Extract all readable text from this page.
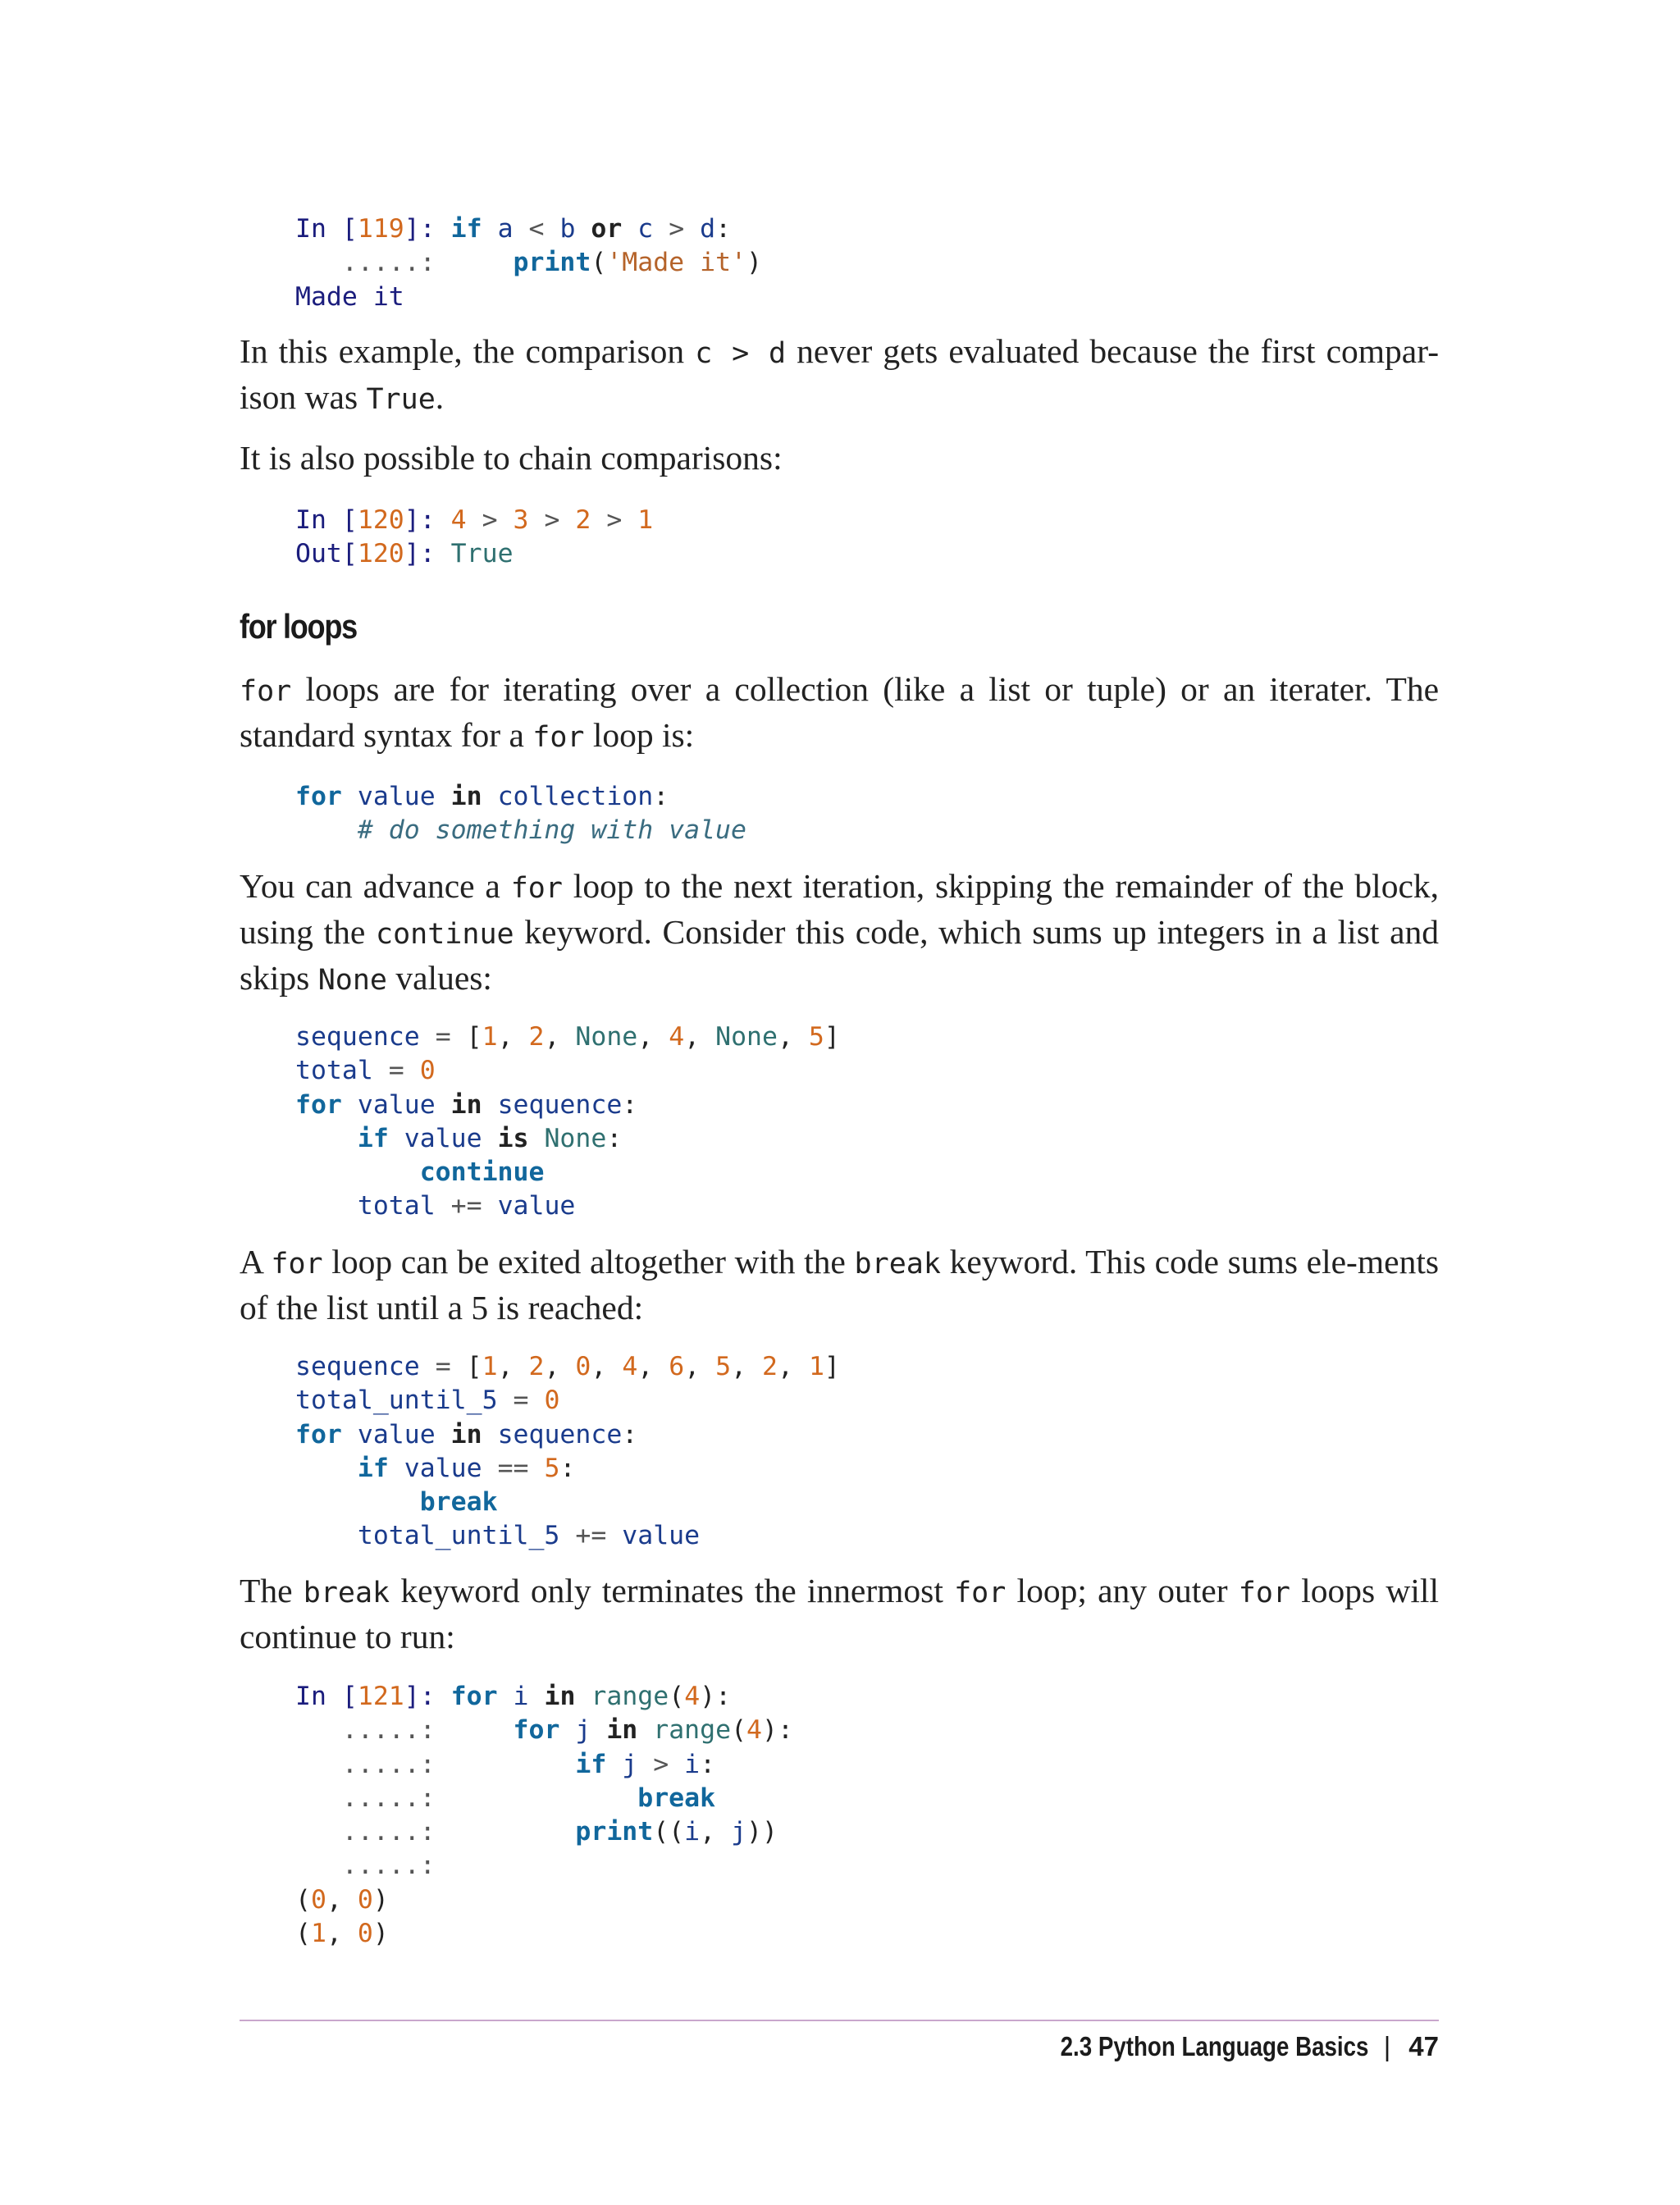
In [119]: if a < b or c > d:
.....:	print('Made it')
Made it

In this example, the comparison c > d never gets evaluated because the first compar-ison was True.

It is also possible to chain comparisons:

In [120]: 4 > 3 > 2 > 1
Out[120]: True
for loops

for loops are for iterating over a collection (like a list or tuple) or an iterater. The standard syntax for a for loop is:

for value in collection:
# do something with value

You can advance a for loop to the next iteration, skipping the remainder of the block, using the continue keyword. Consider this code, which sums up integers in a list and skips None values:

sequence = [1, 2, None, 4, None, 5]
total = 0
for value in sequence:
if value is None:
continue
total += value

A for loop can be exited altogether with the break keyword. This code sums ele-ments of the list until a 5 is reached:

sequence = [1, 2, 0, 4, 6, 5, 2, 1]
total_until_5 = 0
for value in sequence:
if value == 5:
break
total_until_5 += value

The break keyword only terminates the innermost for loop; any outer for loops will continue to run:

In [121]: for i in range(4):
.....:	for j in range(4):
.....:	if j > i:
.....:	break
.....:	print((i, j))
.....:
(0, 0)
(1, 0)
2.3 Python Language Basics | 47
